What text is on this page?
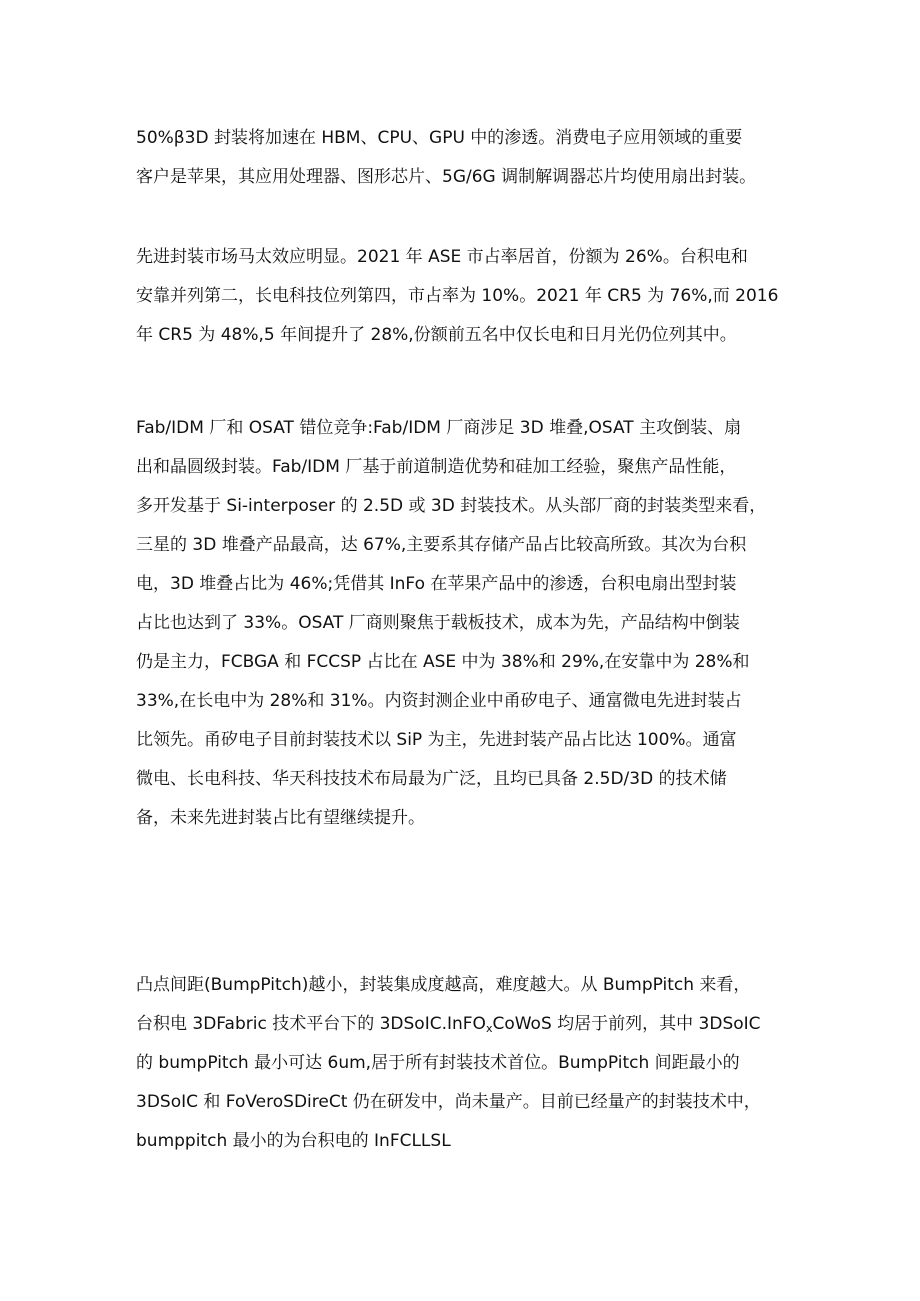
50%β3D 封装将加速在 HBM、CPU、GPU 中的渗透。消费电子应用领域的重要
客户是苹果，其应用处理器、图形芯片、5G/6G 调制解调器芯片均使用扇出封装。
先进封装市场马太效应明显。2021 年 ASE 市占率居首，份额为 26%。台积电和
安靠并列第二，长电科技位列第四，市占率为 10%。2021 年 CR5 为 76%,而 2016
年 CR5 为 48%,5 年间提升了 28%,份额前五名中仅长电和日月光仍位列其中。
Fab/IDM 厂和 OSAT 错位竞争:Fab/IDM 厂商涉足 3D 堆叠,OSAT 主攻倒装、扇
出和晶圆级封装。Fab/IDM 厂基于前道制造优势和硅加工经验，聚焦产品性能，
多开发基于 Si-interposer 的 2.5D 或 3D 封装技术。从头部厂商的封装类型来看，
三星的 3D 堆叠产品最高，达 67%,主要系其存储产品占比较高所致。其次为台积
电，3D 堆叠占比为 46%;凭借其 InFo 在苹果产品中的渗透，台积电扇出型封装
占比也达到了 33%。OSAT 厂商则聚焦于载板技术，成本为先，产品结构中倒装
仍是主力，FCBGA 和 FCCSP 占比在 ASE 中为 38%和 29%,在安靠中为 28%和
33%,在长电中为 28%和 31%。内资封测企业中甬矽电子、通富微电先进封装占
比领先。甬矽电子目前封装技术以 SiP 为主，先进封装产品占比达 100%。通富
微电、长电科技、华天科技技术布局最为广泛，且均已具备 2.5D/3D 的技术储
备，未来先进封装占比有望继续提升。
凸点间距(BumpPitch)越小，封装集成度越高，难度越大。从 BumpPitch 来看，
台积电 3DFabric 技术平台下的 3DSoIC.InFO$_x$CoWoS 均居于前列，其中 3DSoIC
的 bumpPitch 最小可达 6um,居于所有封装技术首位。BumpPitch 间距最小的
3DSoIC 和 FoVeroSDireCt 仍在研发中，尚未量产。目前已经量产的封装技术中，
bumppitch 最小的为台积电的 InFCLLSL
